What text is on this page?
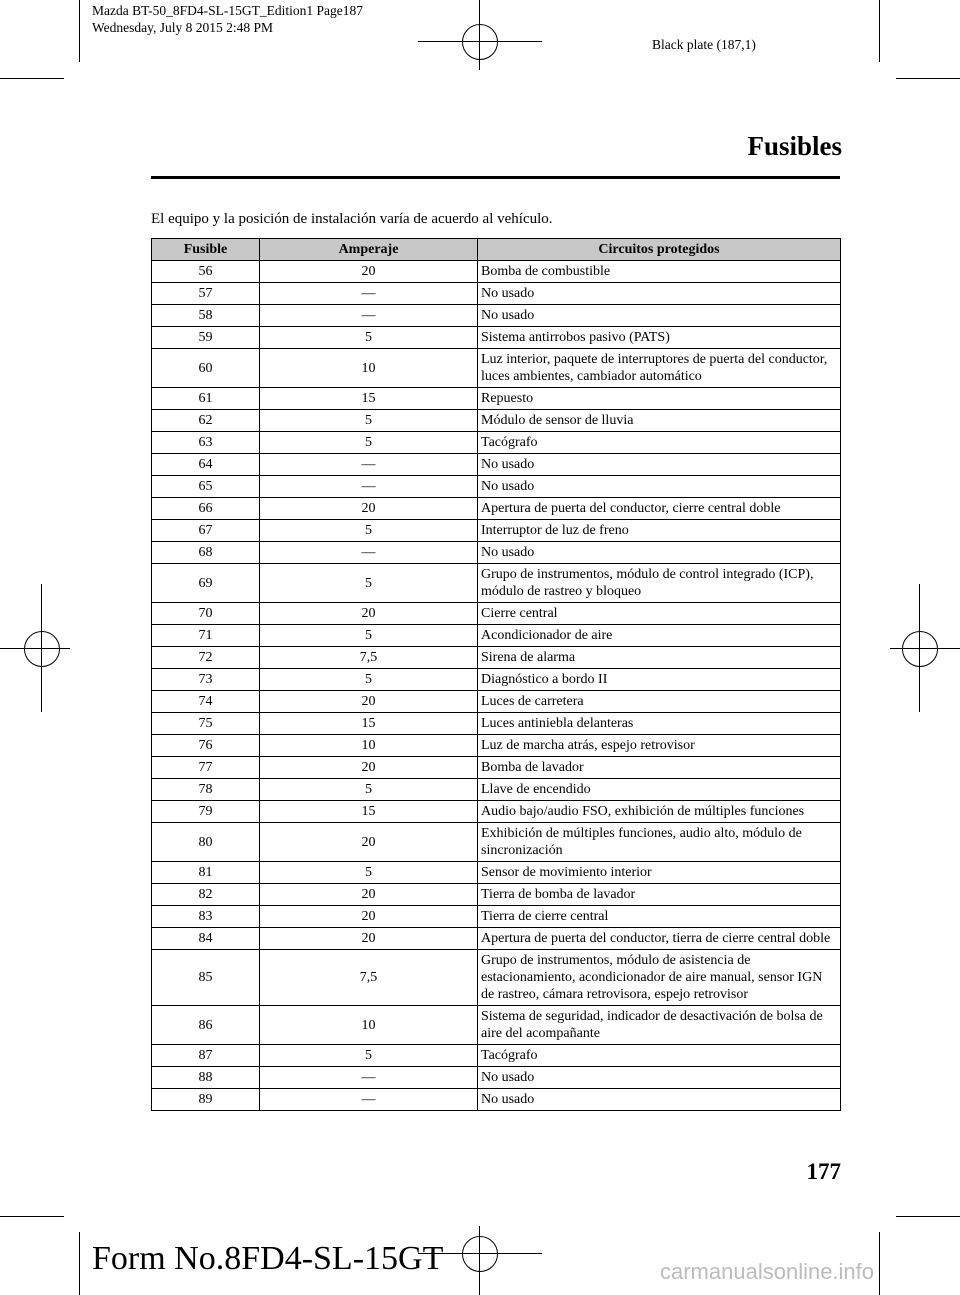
Mazda BT-50_8FD4-SL-15GT_Edition1 Page187
Wednesday, July 8 2015 2:48 PM
Black plate (187,1)
Fusibles
El equipo y la posición de instalación varía de acuerdo al vehículo.
Fusible	Amperaje	Circuitos protegidos
56	20	Bomba de combustible
57	―	No usado
58	―	No usado
59	5	Sistema antirrobos pasivo (PATS)
60	10	Luz interior, paquete de interruptores de puerta del conductor, luces ambientes, cambiador automático
61	15	Repuesto
62	5	Módulo de sensor de lluvia
63	5	Tacógrafo
64	―	No usado
65	―	No usado
66	20	Apertura de puerta del conductor, cierre central doble
67	5	Interruptor de luz de freno
68	―	No usado
69	5	Grupo de instrumentos, módulo de control integrado (ICP), módulo de rastreo y bloqueo
70	20	Cierre central
71	5	Acondicionador de aire
72	7,5	Sirena de alarma
73	5	Diagnóstico a bordo II
74	20	Luces de carretera
75	15	Luces antiniebla delanteras
76	10	Luz de marcha atrás, espejo retrovisor
77	20	Bomba de lavador
78	5	Llave de encendido
79	15	Audio bajo/audio FSO, exhibición de múltiples funciones
80	20	Exhibición de múltiples funciones, audio alto, módulo de sincronización
81	5	Sensor de movimiento interior
82	20	Tierra de bomba de lavador
83	20	Tierra de cierre central
84	20	Apertura de puerta del conductor, tierra de cierre central doble
85	7,5	Grupo de instrumentos, módulo de asistencia de estacionamiento, acondicionador de aire manual, sensor IGN de rastreo, cámara retrovisora, espejo retrovisor
86	10	Sistema de seguridad, indicador de desactivación de bolsa de aire del acompañante
87	5	Tacógrafo
88	―	No usado
89	―	No usado
177
Form No.8FD4-SL-15GT	carmanualsonline.info
